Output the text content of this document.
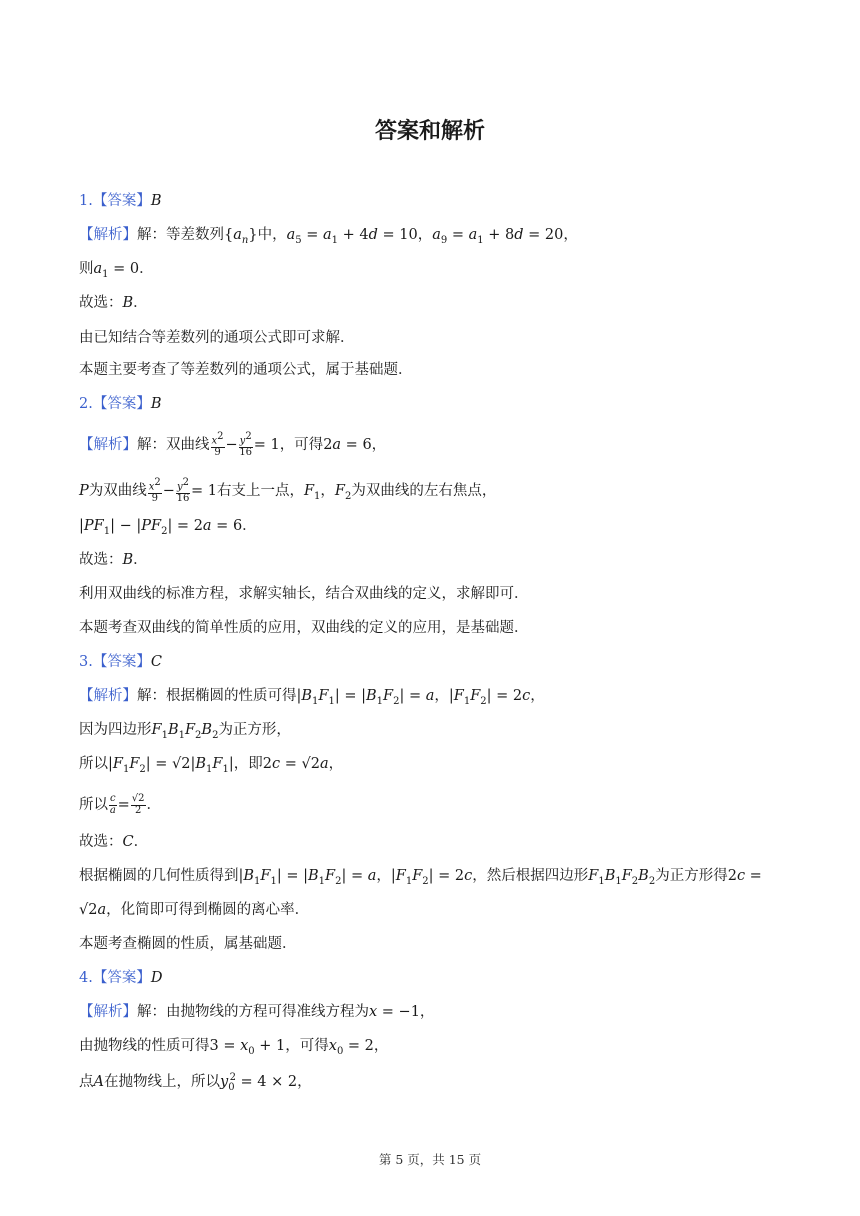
答案和解析
1.【答案】B
【解析】解：等差数列$\{a_n\}$中，$a_5 = a_1 + 4d = 10$，$a_9 = a_1 + 8d = 20$，
则$a_1 = 0$．
故选：B．
由已知结合等差数列的通项公式即可求解．
本题主要考查了等差数列的通项公式，属于基础题．
2.【答案】B
【解析】解：双曲线 $\frac{x^2}{9} - \frac{y^2}{16} = 1$，可得2a = 6，
P为双曲线 $\frac{x^2}{9} - \frac{y^2}{16} = 1$右支上一点，$F_1$，$F_2$为双曲线的左右焦点，
$|PF_1| - |PF_2| = 2a = 6$．
故选：B．
利用双曲线的标准方程，求解实轴长，结合双曲线的定义，求解即可．
本题考查双曲线的简单性质的应用，双曲线的定义的应用，是基础题．
3.【答案】C
【解析】解：根据椭圆的性质可得$|B_1F_1| = |B_1F_2| = a$，$|F_1F_2| = 2c$，
因为四边形$F_1B_1F_2B_2$为正方形，
所以$|F_1F_2| = √2|B_1F_1|$，即2c = √2a，
所以 $\frac{c}{a} = \frac{√2}{2}$ ．
故选：C．
根据椭圆的几何性质得到$|B_1F_1| = |B_1F_2| = a$，$|F_1F_2| = 2c$，然后根据四边形$F_1B_1F_2B_2$为正方形得2c =
√2a，化简即可得到椭圆的离心率．
本题考查椭圆的性质，属基础题．
4.【答案】D
【解析】解：由抛物线的方程可得准线方程为x = −1，
由抛物线的性质可得$3 = x_0 + 1$，可得$x_0 = 2$，
点A在抛物线上，所以$y_0^2 = 4 \times 2$，
第 5 页，共 15 页
